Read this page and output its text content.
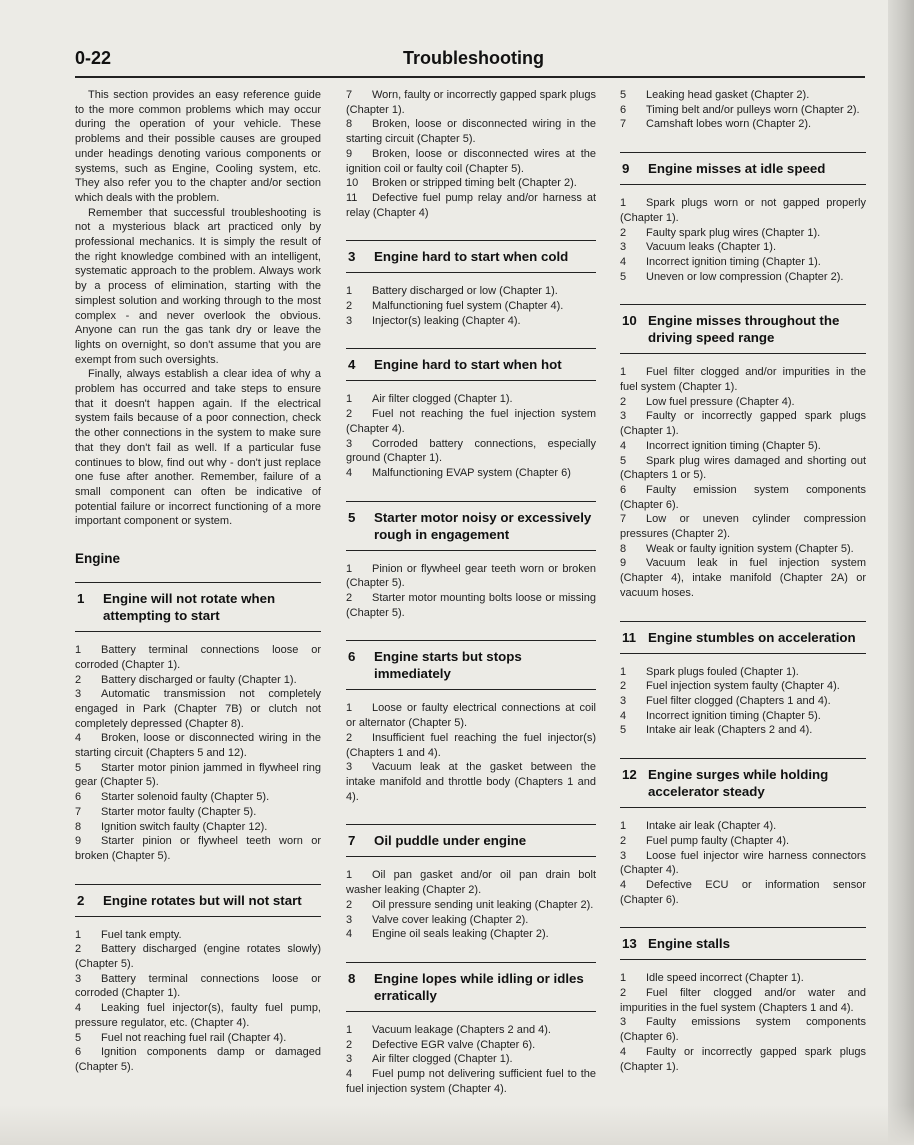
0-22	Troubleshooting

This section provides an easy reference guide to the more common problems which may occur during the operation of your vehicle. These problems and their possible causes are grouped under headings denoting various components or systems, such as Engine, Cooling system, etc. They also refer you to the chapter and/or section which deals with the problem.

Remember that successful troubleshooting is not a mysterious black art practiced only by professional mechanics. It is simply the result of the right knowledge combined with an intelligent, systematic approach to the problem. Always work by a process of elimination, starting with the simplest solution and working through to the most complex - and never overlook the obvious. Anyone can run the gas tank dry or leave the lights on overnight, so don't assume that you are exempt from such oversights.

Finally, always establish a clear idea of why a problem has occurred and take steps to ensure that it doesn't happen again. If the electrical system fails because of a poor connection, check the other connections in the system to make sure that they don't fail as well. If a particular fuse continues to blow, find out why - don't just replace one fuse after another. Remember, failure of a small component can often be indicative of potential failure or incorrect functioning of a more important component or system.

Engine
1 Engine will not rotate when attempting to start
1 Battery terminal connections loose or corroded (Chapter 1).
2 Battery discharged or faulty (Chapter 1).
3 Automatic transmission not completely engaged in Park (Chapter 7B) or clutch not completely depressed (Chapter 8).
4 Broken, loose or disconnected wiring in the starting circuit (Chapters 5 and 12).
5 Starter motor pinion jammed in flywheel ring gear (Chapter 5).
6 Starter solenoid faulty (Chapter 5).
7 Starter motor faulty (Chapter 5).
8 Ignition switch faulty (Chapter 12).
9 Starter pinion or flywheel teeth worn or broken (Chapter 5).
2 Engine rotates but will not start
1 Fuel tank empty.
2 Battery discharged (engine rotates slowly) (Chapter 5).
3 Battery terminal connections loose or corroded (Chapter 1).
4 Leaking fuel injector(s), faulty fuel pump, pressure regulator, etc. (Chapter 4).
5 Fuel not reaching fuel rail (Chapter 4).
6 Ignition components damp or damaged (Chapter 5).
7 Worn, faulty or incorrectly gapped spark plugs (Chapter 1).
8 Broken, loose or disconnected wiring in the starting circuit (Chapter 5).
9 Broken, loose or disconnected wires at the ignition coil or faulty coil (Chapter 5).
10 Broken or stripped timing belt (Chapter 2).
11 Defective fuel pump relay and/or harness at relay (Chapter 4)
3 Engine hard to start when cold
1 Battery discharged or low (Chapter 1).
2 Malfunctioning fuel system (Chapter 4).
3 Injector(s) leaking (Chapter 4).
4 Engine hard to start when hot
1 Air filter clogged (Chapter 1).
2 Fuel not reaching the fuel injection system (Chapter 4).
3 Corroded battery connections, especially ground (Chapter 1).
4 Malfunctioning EVAP system (Chapter 6)
5 Starter motor noisy or excessively rough in engagement
1 Pinion or flywheel gear teeth worn or broken (Chapter 5).
2 Starter motor mounting bolts loose or missing (Chapter 5).
6 Engine starts but stops immediately
1 Loose or faulty electrical connections at coil or alternator (Chapter 5).
2 Insufficient fuel reaching the fuel injector(s) (Chapters 1 and 4).
3 Vacuum leak at the gasket between the intake manifold and throttle body (Chapters 1 and 4).
7 Oil puddle under engine
1 Oil pan gasket and/or oil pan drain bolt washer leaking (Chapter 2).
2 Oil pressure sending unit leaking (Chapter 2).
3 Valve cover leaking (Chapter 2).
4 Engine oil seals leaking (Chapter 2).
8 Engine lopes while idling or idles erratically
1 Vacuum leakage (Chapters 2 and 4).
2 Defective EGR valve (Chapter 6).
3 Air filter clogged (Chapter 1).
4 Fuel pump not delivering sufficient fuel to the fuel injection system (Chapter 4).
5 Leaking head gasket (Chapter 2).
6 Timing belt and/or pulleys worn (Chapter 2).
7 Camshaft lobes worn (Chapter 2).
9 Engine misses at idle speed
1 Spark plugs worn or not gapped properly (Chapter 1).
2 Faulty spark plug wires (Chapter 1).
3 Vacuum leaks (Chapter 1).
4 Incorrect ignition timing (Chapter 1).
5 Uneven or low compression (Chapter 2).
10 Engine misses throughout the driving speed range
1 Fuel filter clogged and/or impurities in the fuel system (Chapter 1).
2 Low fuel pressure (Chapter 4).
3 Faulty or incorrectly gapped spark plugs (Chapter 1).
4 Incorrect ignition timing (Chapter 5).
5 Spark plug wires damaged and shorting out (Chapters 1 or 5).
6 Faulty emission system components (Chapter 6).
7 Low or uneven cylinder compression pressures (Chapter 2).
8 Weak or faulty ignition system (Chapter 5).
9 Vacuum leak in fuel injection system (Chapter 4), intake manifold (Chapter 2A) or vacuum hoses.
11 Engine stumbles on acceleration
1 Spark plugs fouled (Chapter 1).
2 Fuel injection system faulty (Chapter 4).
3 Fuel filter clogged (Chapters 1 and 4).
4 Incorrect ignition timing (Chapter 5).
5 Intake air leak (Chapters 2 and 4).
12 Engine surges while holding accelerator steady
1 Intake air leak (Chapter 4).
2 Fuel pump faulty (Chapter 4).
3 Loose fuel injector wire harness connectors (Chapter 4).
4 Defective ECU or information sensor (Chapter 6).
13 Engine stalls
1 Idle speed incorrect (Chapter 1).
2 Fuel filter clogged and/or water and impurities in the fuel system (Chapters 1 and 4).
3 Faulty emissions system components (Chapter 6).
4 Faulty or incorrectly gapped spark plugs (Chapter 1).
